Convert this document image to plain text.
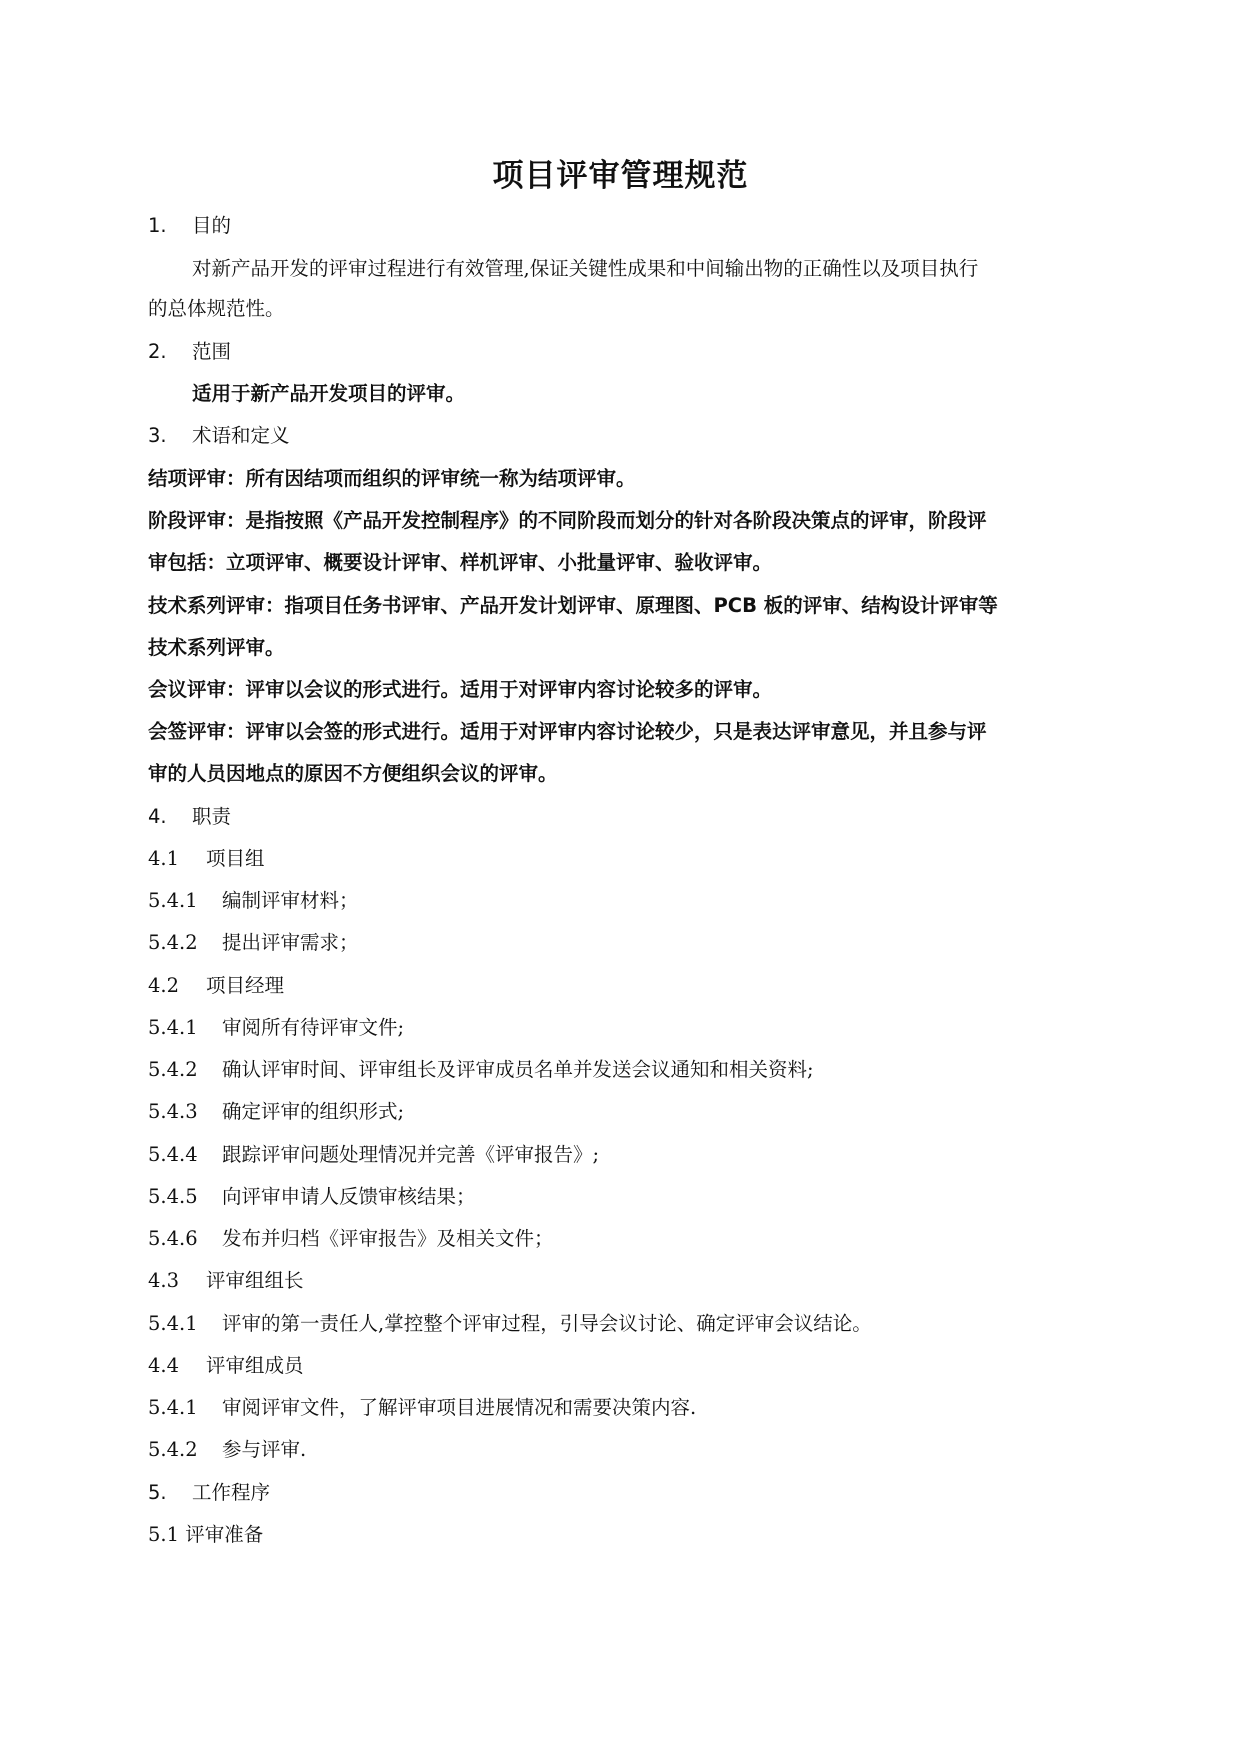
项目评审管理规范

1. 目的

对新产品开发的评审过程进行有效管理,保证关键性成果和中间输出物的正确性以及项目执行

的总体规范性。

2. 范围

适用于新产品开发项目的评审。

3. 术语和定义

结项评审：所有因结项而组织的评审统一称为结项评审。

阶段评审：是指按照《产品开发控制程序》的不同阶段而划分的针对各阶段决策点的评审，阶段评

审包括：立项评审、概要设计评审、样机评审、小批量评审、验收评审。

技术系列评审：指项目任务书评审、产品开发计划评审、原理图、PCB 板的评审、结构设计评审等

技术系列评审。

会议评审：评审以会议的形式进行。适用于对评审内容讨论较多的评审。

会签评审：评审以会签的形式进行。适用于对评审内容讨论较少，只是表达评审意见，并且参与评

审的人员因地点的原因不方便组织会议的评审。

4. 职责

4.1 项目组

5.4.1 编制评审材料；

5.4.2 提出评审需求；

4.2 项目经理

5.4.1 审阅所有待评审文件;

5.4.2 确认评审时间、评审组长及评审成员名单并发送会议通知和相关资料;

5.4.3 确定评审的组织形式;

5.4.4 跟踪评审问题处理情况并完善《评审报告》;

5.4.5 向评审申请人反馈审核结果；

5.4.6 发布并归档《评审报告》及相关文件；

4.3 评审组组长

5.4.1 评审的第一责任人,掌控整个评审过程，引导会议讨论、确定评审会议结论。

4.4 评审组成员

5.4.1 审阅评审文件，了解评审项目进展情况和需要决策内容.

5.4.2 参与评审.

5. 工作程序

5.1 评审准备
